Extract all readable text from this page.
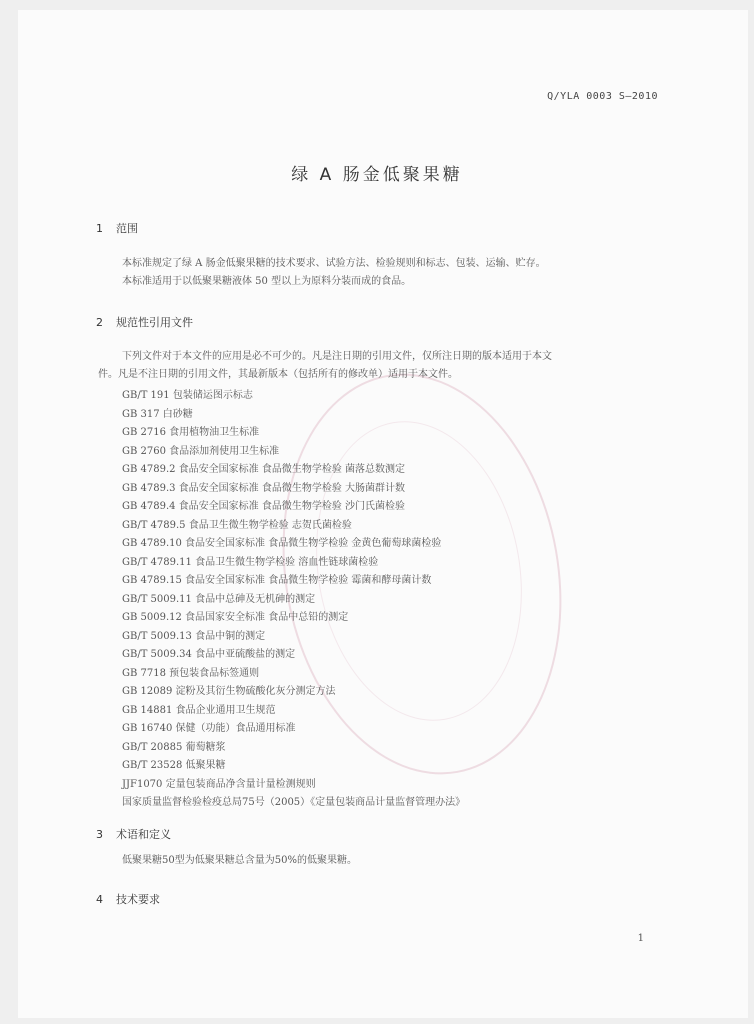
Q/YLA 0003 S—2010
绿 A 肠金低聚果糖
1 范围
本标准规定了绿 A 肠金低聚果糖的技术要求、试验方法、检验规则和标志、包装、运输、贮存。
本标准适用于以低聚果糖液体 50 型以上为原料分装而成的食品。
2 规范性引用文件
下列文件对于本文件的应用是必不可少的。凡是注日期的引用文件，仅所注日期的版本适用于本文
件。凡是不注日期的引用文件，其最新版本（包括所有的修改单）适用于本文件。
GB/T 191 包装储运图示标志
GB 317 白砂糖
GB 2716 食用植物油卫生标准
GB 2760 食品添加剂使用卫生标准
GB 4789.2 食品安全国家标准 食品微生物学检验 菌落总数测定
GB 4789.3 食品安全国家标准 食品微生物学检验 大肠菌群计数
GB 4789.4 食品安全国家标准 食品微生物学检验 沙门氏菌检验
GB/T 4789.5 食品卫生微生物学检验 志贺氏菌检验
GB 4789.10 食品安全国家标准 食品微生物学检验 金黄色葡萄球菌检验
GB/T 4789.11 食品卫生微生物学检验 溶血性链球菌检验
GB 4789.15 食品安全国家标准 食品微生物学检验 霉菌和酵母菌计数
GB/T 5009.11 食品中总砷及无机砷的测定
GB 5009.12 食品国家安全标准 食品中总铅的测定
GB/T 5009.13 食品中铜的测定
GB/T 5009.34 食品中亚硫酸盐的测定
GB 7718 预包装食品标签通则
GB 12089 淀粉及其衍生物硫酸化灰分测定方法
GB 14881 食品企业通用卫生规范
GB 16740 保健（功能）食品通用标准
GB/T 20885 葡萄糖浆
GB/T 23528 低聚果糖
JJF1070 定量包装商品净含量计量检测规则
国家质量监督检验检疫总局75号（2005）《定量包装商品计量监督管理办法》
3 术语和定义
低聚果糖50型为低聚果糖总含量为50%的低聚果糖。
4 技术要求
1
